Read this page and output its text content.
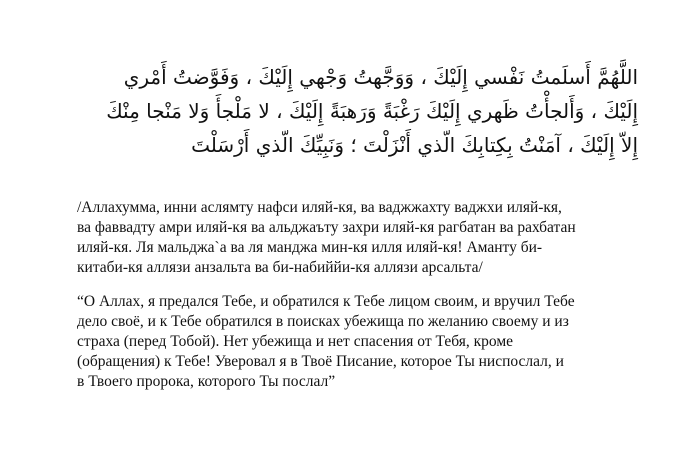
اللَّهُمَّ أَسلَمتُ نَفْسي إِلَيْكَ ، وَوَجَّهتُ وَجْهي إِلَيْكَ ، وَفَوَّضتُ أَمْري
إِلَيْكَ ، وَأَلجأْتُ ظَهري إِلَيْكَ رَغْبَةً وَرَهبَةً إِلَيْكَ ، لا مَلْجأَ وَلا مَنْجا مِنْكَ
إِلاّ إِلَيْكَ ، آمَنْتُ بِكِتابِكَ الّذي أَنْزَلْتَ ؛ وَنَبِيِّكَ الّذي أَرْسَلْتَ

/Аллахумма, инни аслямту нафси иляй-кя, ва ваджжахту ваджхи иляй-кя,
ва фаввадту амри иляй-кя ва альджаъту захри иляй-кя рагбатан ва рахбатан
иляй-кя. Ля мальджа`а ва ля манджа мин-кя илля иляй-кя! Аманту би-
китаби-кя аллязи анзальта ва би-набиййи-кя аллязи арсальта/

“О Аллах, я предался Тебе, и обратился к Тебе лицом своим, и вручил Тебе
дело своё, и к Тебе обратился в поисках убежища по желанию своему и из
страха (перед Тобой). Нет убежища и нет спасения от Тебя, кроме
(обращения) к Тебе! Уверовал я в Твоё Писание, которое Ты ниспослал, и
в Твоего пророка, которого Ты послал”
